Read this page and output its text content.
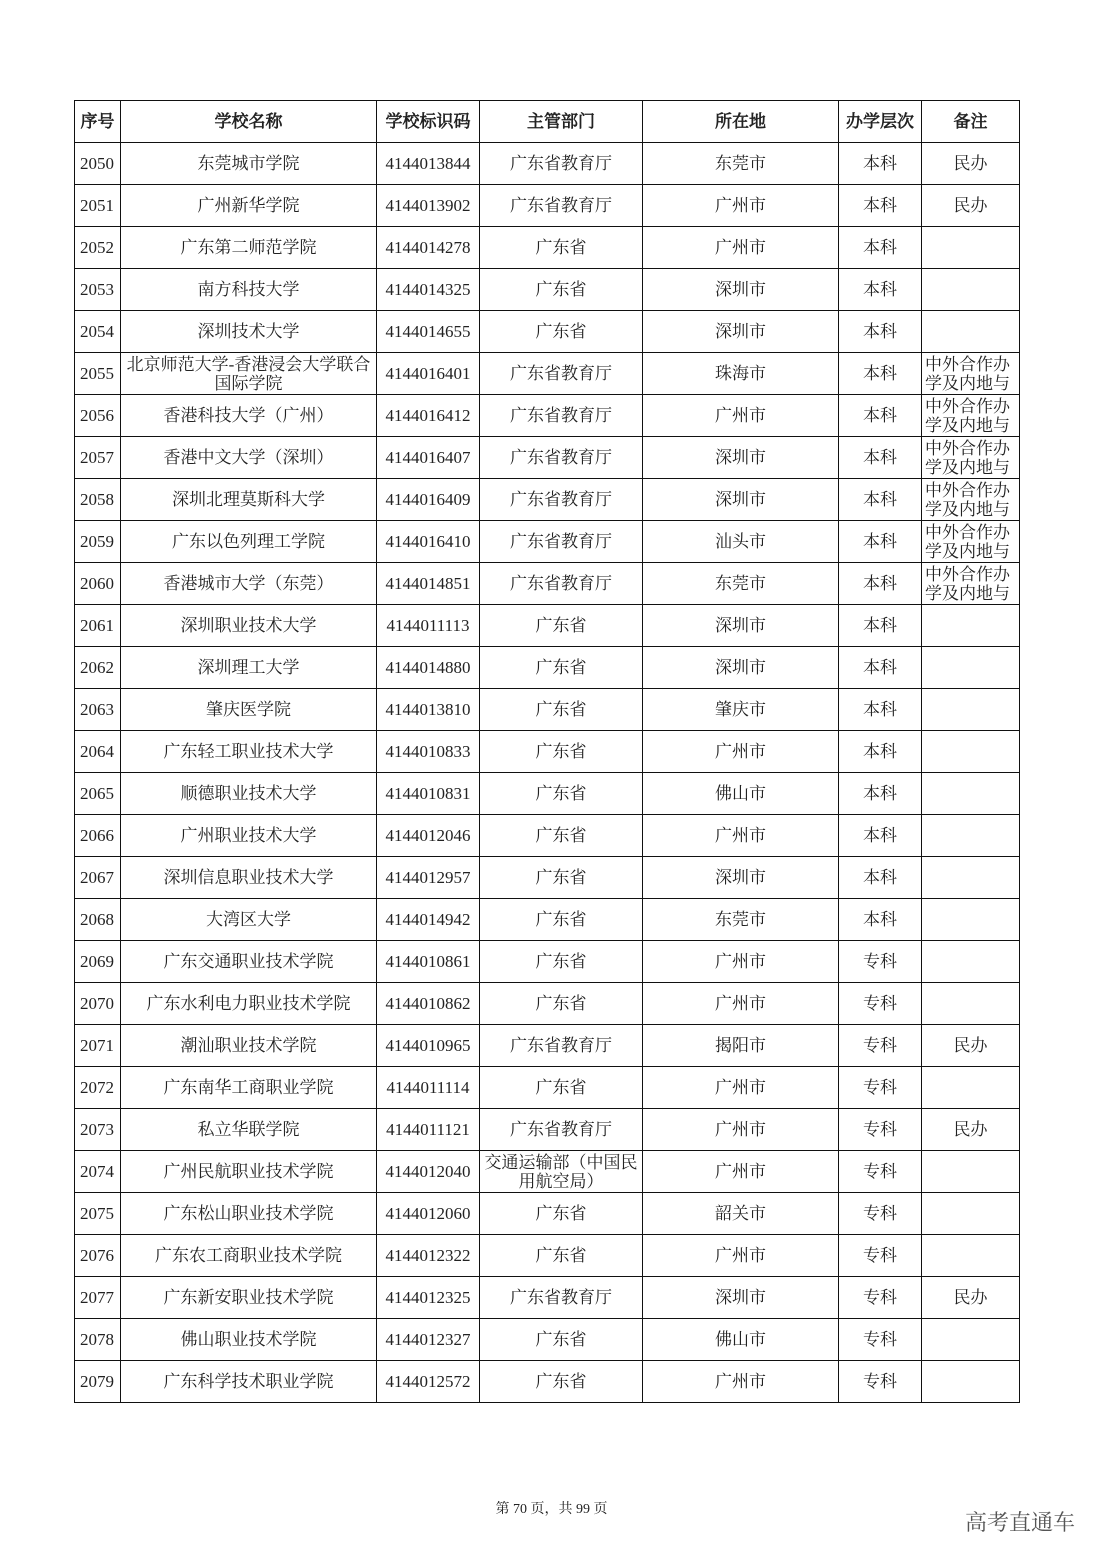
序号	学校名称	学校标识码	主管部门	所在地	办学层次	备注

2050	东莞城市学院	4144013844	广东省教育厅	东莞市	本科	民办

2051	广州新华学院	4144013902	广东省教育厅	广州市	本科	民办

2052	广东第二师范学院	4144014278	广东省	广州市	本科	

2053	南方科技大学	4144014325	广东省	深圳市	本科	

2054	深圳技术大学	4144014655	广东省	深圳市	本科	

2055	北京师范大学-香港浸会大学联合国际学院	4144016401	广东省教育厅	珠海市	本科	中外合作办学及内地与

2056	香港科技大学（广州）	4144016412	广东省教育厅	广州市	本科	中外合作办学及内地与

2057	香港中文大学（深圳）	4144016407	广东省教育厅	深圳市	本科	中外合作办学及内地与

2058	深圳北理莫斯科大学	4144016409	广东省教育厅	深圳市	本科	中外合作办学及内地与

2059	广东以色列理工学院	4144016410	广东省教育厅	汕头市	本科	中外合作办学及内地与

2060	香港城市大学（东莞）	4144014851	广东省教育厅	东莞市	本科	中外合作办学及内地与

2061	深圳职业技术大学	4144011113	广东省	深圳市	本科	

2062	深圳理工大学	4144014880	广东省	深圳市	本科	

2063	肇庆医学院	4144013810	广东省	肇庆市	本科	

2064	广东轻工职业技术大学	4144010833	广东省	广州市	本科	

2065	顺德职业技术大学	4144010831	广东省	佛山市	本科	

2066	广州职业技术大学	4144012046	广东省	广州市	本科	

2067	深圳信息职业技术大学	4144012957	广东省	深圳市	本科	

2068	大湾区大学	4144014942	广东省	东莞市	本科	

2069	广东交通职业技术学院	4144010861	广东省	广州市	专科	

2070	广东水利电力职业技术学院	4144010862	广东省	广州市	专科	

2071	潮汕职业技术学院	4144010965	广东省教育厅	揭阳市	专科	民办

2072	广东南华工商职业学院	4144011114	广东省	广州市	专科	

2073	私立华联学院	4144011121	广东省教育厅	广州市	专科	民办

2074	广州民航职业技术学院	4144012040	交通运输部（中国民用航空局）	广州市	专科	

2075	广东松山职业技术学院	4144012060	广东省	韶关市	专科	

2076	广东农工商职业技术学院	4144012322	广东省	广州市	专科	

2077	广东新安职业技术学院	4144012325	广东省教育厅	深圳市	专科	民办

2078	佛山职业技术学院	4144012327	广东省	佛山市	专科	

2079	广东科学技术职业学院	4144012572	广东省	广州市	专科	

第 70 页，共 99 页
高考直通车
